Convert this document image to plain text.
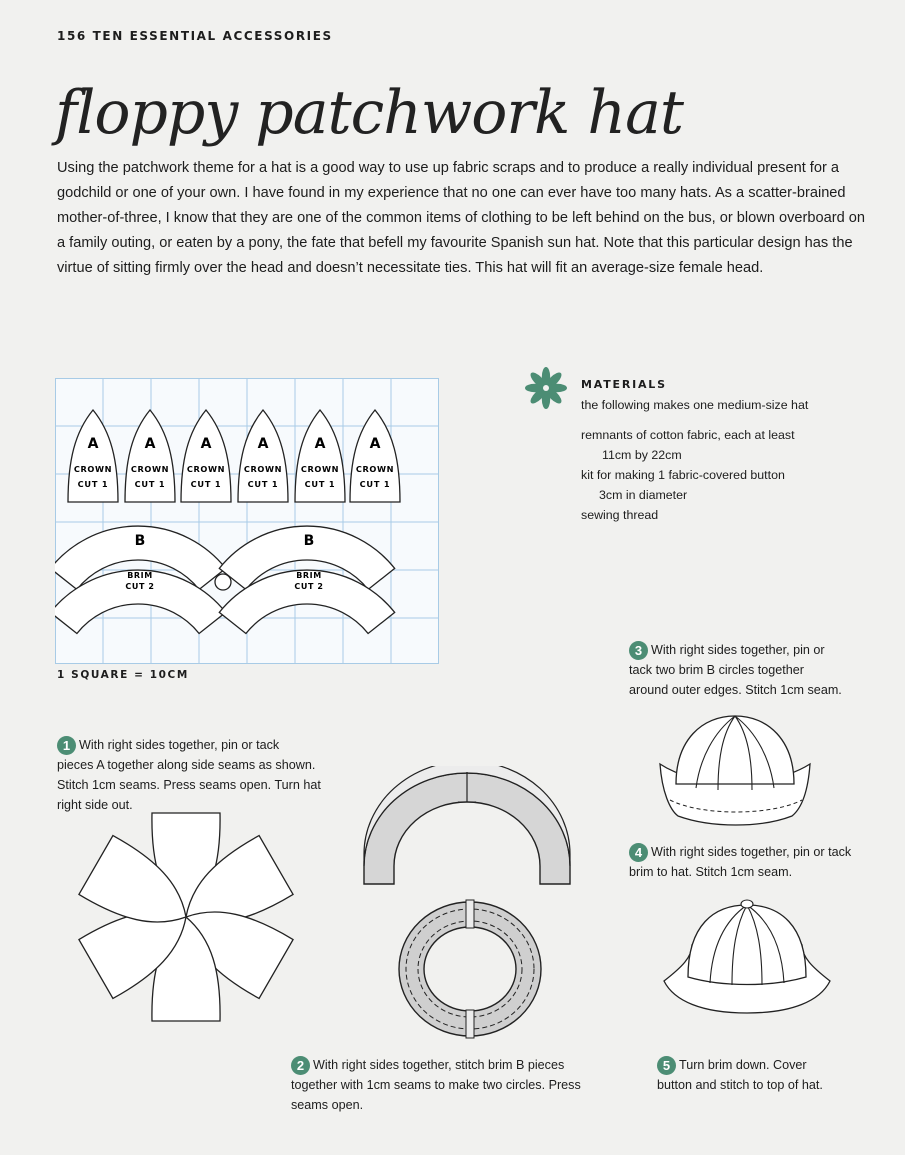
156 TEN ESSENTIAL ACCESSORIES
floppy patchwork hat
Using the patchwork theme for a hat is a good way to use up fabric scraps and to produce a really individual present for a godchild or one of your own. I have found in my experience that no one can ever have too many hats. As a scatter-brained mother-of-three, I know that they are one of the common items of clothing to be left behind on the bus, or blown overboard on a family outing, or eaten by a pony, the fate that befell my favourite Spanish sun hat. Note that this particular design has the virtue of sitting firmly over the head and doesn’t necessitate ties. This hat will fit an average-size female head.
A
CROWN
CUT 1
A
CROWN
CUT 1
A
CROWN
CUT 1
A
CROWN
CUT 1
A
CROWN
CUT 1
A
CROWN
CUT 1
B
BRIM
CUT 2
B
BRIM
CUT 2
1 SQUARE = 10CM
MATERIALS
the following makes one medium-size hat
remnants of cotton fabric, each at least
11cm by 22cm
kit for making 1 fabric-covered button
3cm in diameter
sewing thread
1 With right sides together, pin or tack
pieces A together along side seams as shown.
Stitch 1cm seams. Press seams open. Turn hat
right side out.
2 With right sides together, stitch brim B pieces
together with 1cm seams to make two circles. Press
seams open.
3 With right sides together, pin or
tack two brim B circles together
around outer edges. Stitch 1cm seam.
4 With right sides together, pin or tack
brim to hat. Stitch 1cm seam.
5 Turn brim down. Cover
button and stitch to top of hat.
